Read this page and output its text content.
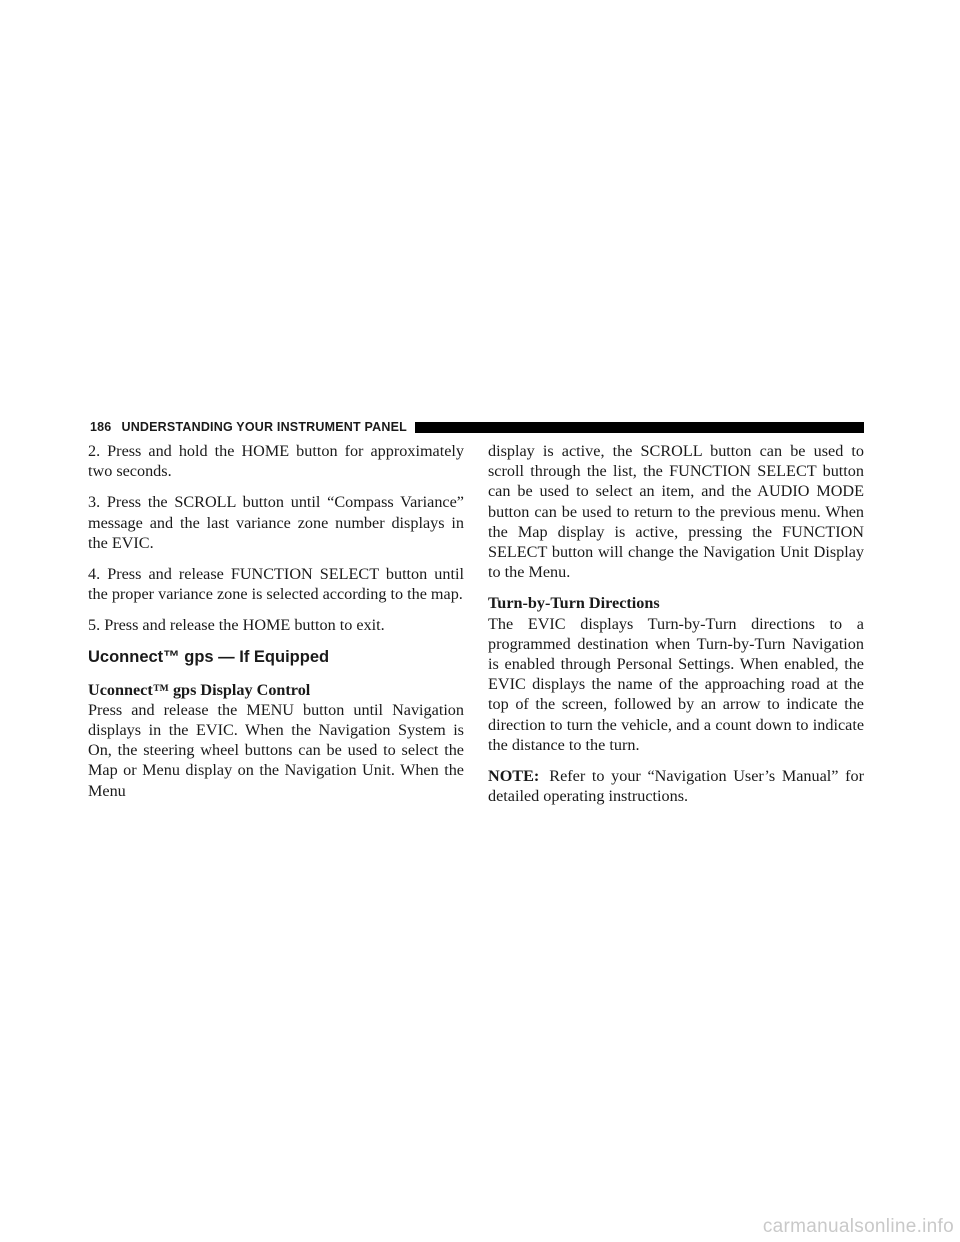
186 UNDERSTANDING YOUR INSTRUMENT PANEL

2. Press and hold the HOME button for approximately two seconds.

3. Press the SCROLL button until “Compass Variance” message and the last variance zone number displays in the EVIC.

4. Press and release FUNCTION SELECT button until the proper variance zone is selected according to the map.

5. Press and release the HOME button to exit.

Uconnect™ gps — If Equipped
Uconnect™ gps Display Control

Press and release the MENU button until Navigation displays in the EVIC. When the Navigation System is On, the steering wheel buttons can be used to select the Map or Menu display on the Navigation Unit. When the Menu

display is active, the SCROLL button can be used to scroll through the list, the FUNCTION SELECT button can be used to select an item, and the AUDIO MODE button can be used to return to the previous menu. When the Map display is active, pressing the FUNCTION SELECT button will change the Navigation Unit Display to the Menu.

Turn-by-Turn Directions

The EVIC displays Turn-by-Turn directions to a programmed destination when Turn-by-Turn Navigation is enabled through Personal Settings. When enabled, the EVIC displays the name of the approaching road at the top of the screen, followed by an arrow to indicate the direction to turn the vehicle, and a count down to indicate the distance to the turn.

NOTE: Refer to your “Navigation User’s Manual” for detailed operating instructions.

carmanualsonline.info
